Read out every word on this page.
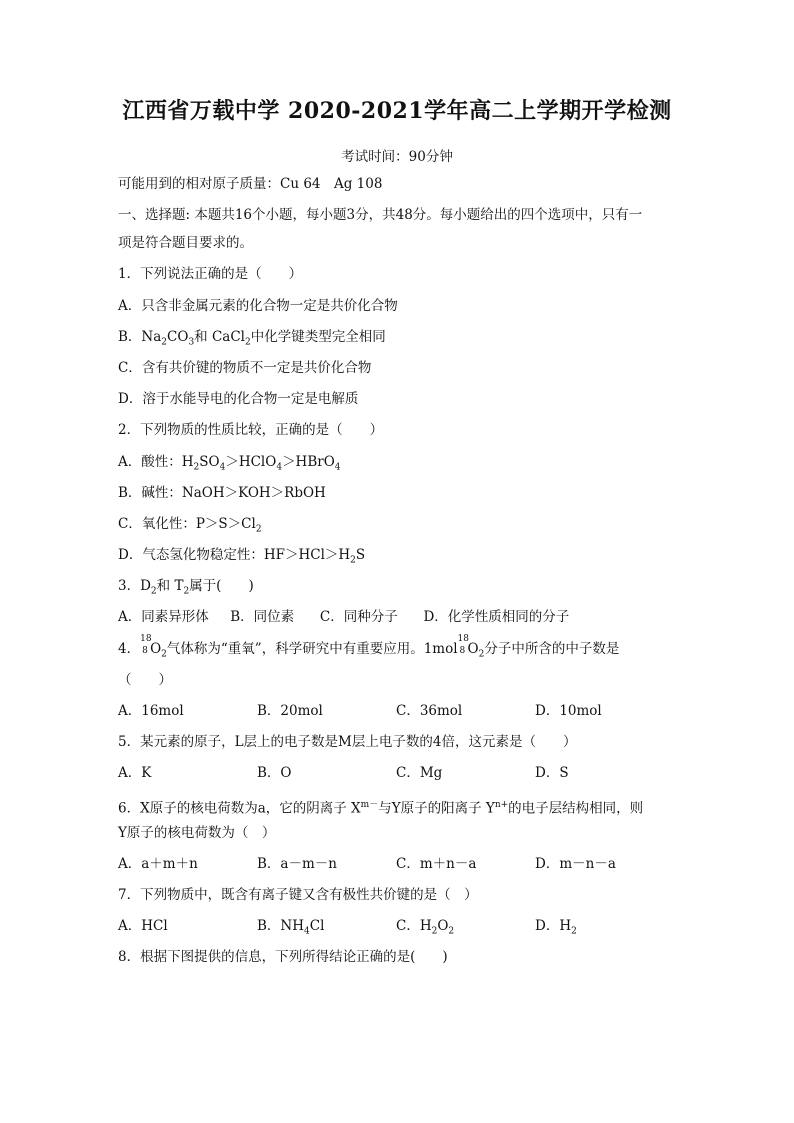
江西省万载中学 2020-2021学年高二上学期开学检测
考试时间：90分钟
可能用到的相对原子质量：Cu 64　Ag 108
一、选择题: 本题共16个小题，每小题3分，共48分。每小题给出的四个选项中，只有一
项是符合题目要求的。
1．下列说法正确的是（　　）
A．只含非金属元素的化合物一定是共价化合物
B．$Na_2CO_3$和 CaCl$_2$中化学键类型完全相同
C．含有共价键的物质不一定是共价化合物
D．溶于水能导电的化合物一定是电解质
2．下列物质的性质比较，正确的是（　　）
A．酸性：$H_2SO_4>HClO_4>HBrO_4$
B．碱性：NaOH＞KOH＞RbOH
C．氧化性：$P>S>Cl_2$
D．气态氢化物稳定性：$HF>HCl>H_2S$
3．$D_2$和 $T_2$属于(　　)
A．同素异形体 B．同位素 C．同种分子 D．化学性质相同的分子
4．
18
8 $O_2$气体称为“重氧”，科学研究中有重要应用。1mol
18
8 $O_2$分子中所含的中子数是
（　　）
A．16mol	B．20mol	C．36mol	D．10mol
5．某元素的原子，L层上的电子数是M层上电子数的4倍，这元素是（　　）
A．K	B．O	C．Mg	D．S
6．X原子的核电荷数为a，它的阴离子 $X^{m-}$与Y原子的阳离子 $Y^{n+}$的电子层结构相同，则
Y原子的核电荷数为（　）
A．a＋m＋n	B．a－m－n	C．m＋n－a	D．m－n－a
7．下列物质中，既含有离子键又含有极性共价键的是（　）
A．HCl	B．$NH_4Cl$	C．$H_2O_2$	D．$H_2$
8．根据下图提供的信息，下列所得结论正确的是(　　)
